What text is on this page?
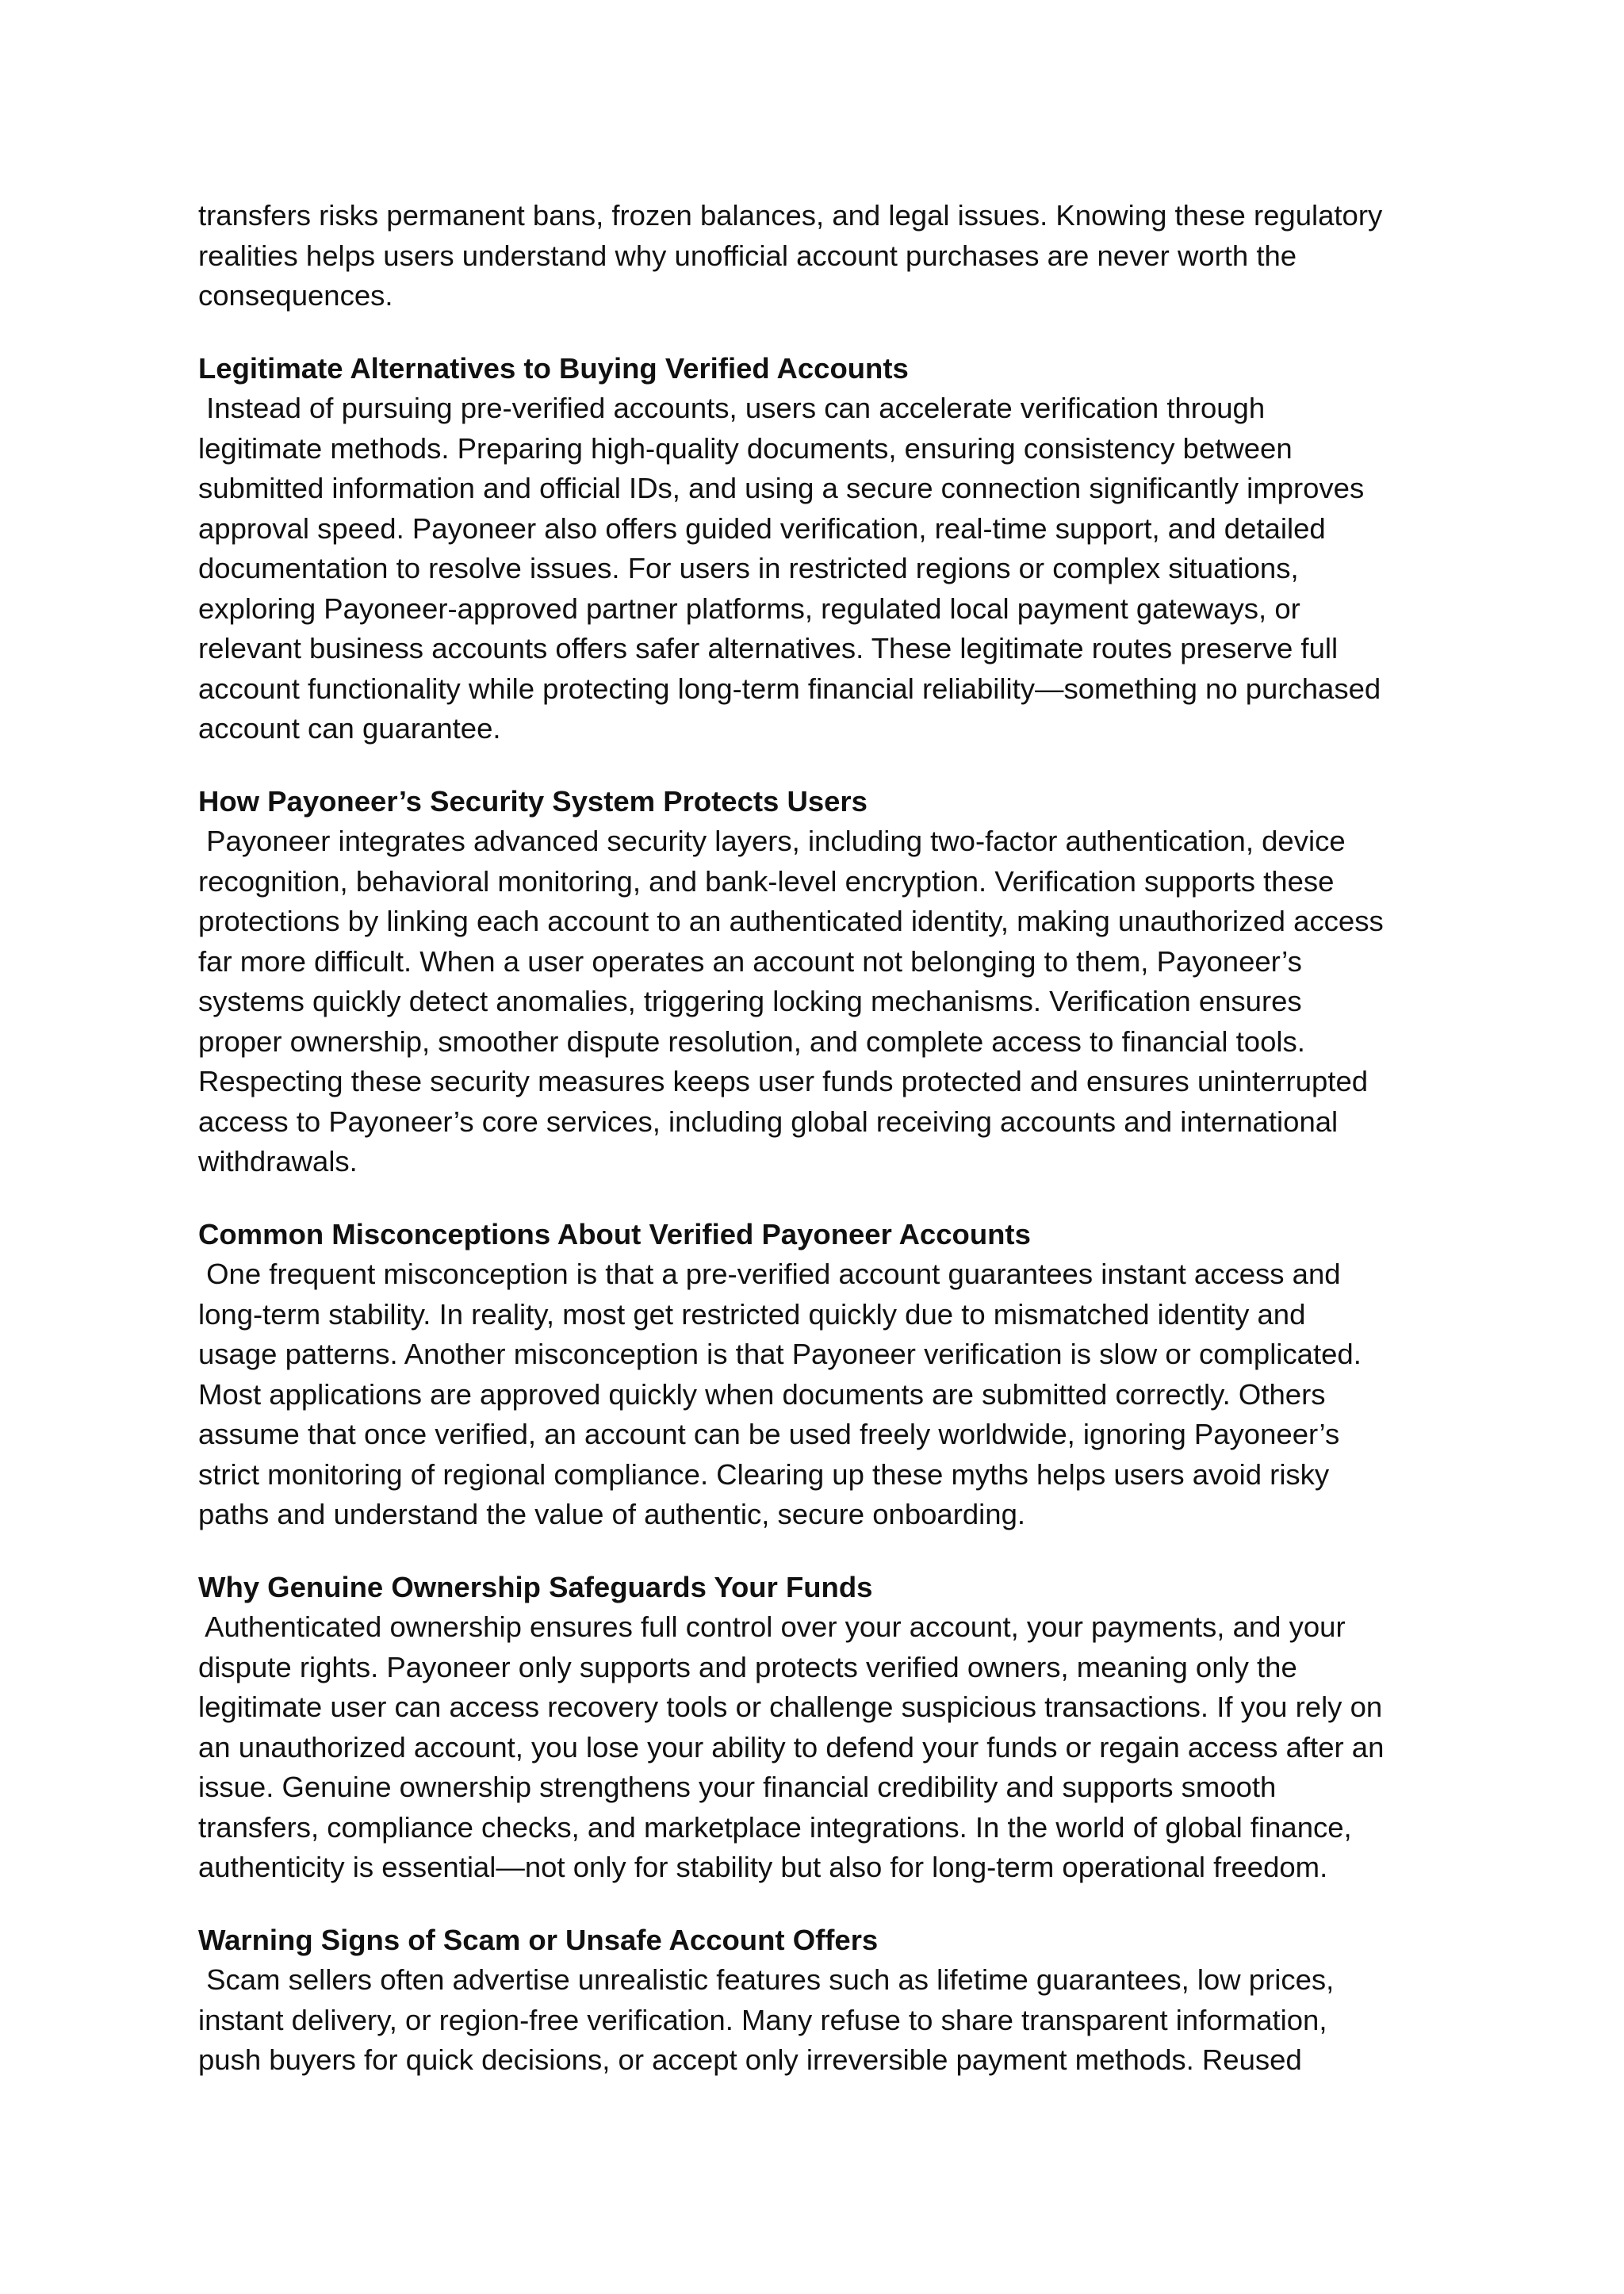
transfers risks permanent bans, frozen balances, and legal issues. Knowing these regulatory
realities helps users understand why unofficial account purchases are never worth the
consequences.

Legitimate Alternatives to Buying Verified Accounts

Instead of pursuing pre-verified accounts, users can accelerate verification through
legitimate methods. Preparing high-quality documents, ensuring consistency between
submitted information and official IDs, and using a secure connection significantly improves
approval speed. Payoneer also offers guided verification, real-time support, and detailed
documentation to resolve issues. For users in restricted regions or complex situations,
exploring Payoneer-approved partner platforms, regulated local payment gateways, or
relevant business accounts offers safer alternatives. These legitimate routes preserve full
account functionality while protecting long-term financial reliability—something no purchased
account can guarantee.

How Payoneer’s Security System Protects Users

Payoneer integrates advanced security layers, including two-factor authentication, device
recognition, behavioral monitoring, and bank-level encryption. Verification supports these
protections by linking each account to an authenticated identity, making unauthorized access
far more difficult. When a user operates an account not belonging to them, Payoneer’s
systems quickly detect anomalies, triggering locking mechanisms. Verification ensures
proper ownership, smoother dispute resolution, and complete access to financial tools.
Respecting these security measures keeps user funds protected and ensures uninterrupted
access to Payoneer’s core services, including global receiving accounts and international
withdrawals.

Common Misconceptions About Verified Payoneer Accounts

One frequent misconception is that a pre-verified account guarantees instant access and
long-term stability. In reality, most get restricted quickly due to mismatched identity and
usage patterns. Another misconception is that Payoneer verification is slow or complicated.
Most applications are approved quickly when documents are submitted correctly. Others
assume that once verified, an account can be used freely worldwide, ignoring Payoneer’s
strict monitoring of regional compliance. Clearing up these myths helps users avoid risky
paths and understand the value of authentic, secure onboarding.

Why Genuine Ownership Safeguards Your Funds

Authenticated ownership ensures full control over your account, your payments, and your
dispute rights. Payoneer only supports and protects verified owners, meaning only the
legitimate user can access recovery tools or challenge suspicious transactions. If you rely on
an unauthorized account, you lose your ability to defend your funds or regain access after an
issue. Genuine ownership strengthens your financial credibility and supports smooth
transfers, compliance checks, and marketplace integrations. In the world of global finance,
authenticity is essential—not only for stability but also for long-term operational freedom.

Warning Signs of Scam or Unsafe Account Offers

Scam sellers often advertise unrealistic features such as lifetime guarantees, low prices,
instant delivery, or region-free verification. Many refuse to share transparent information,
push buyers for quick decisions, or accept only irreversible payment methods. Reused
